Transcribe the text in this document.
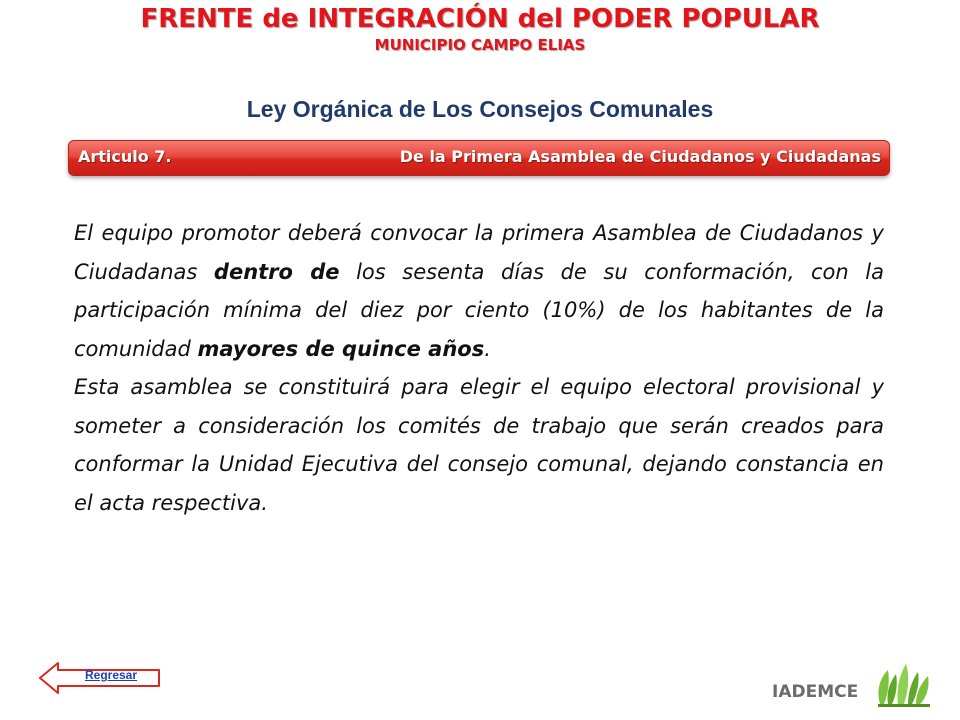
FRENTE de INTEGRACIÓN del PODER POPULAR
MUNICIPIO CAMPO ELIAS
Ley Orgánica de Los Consejos Comunales
Articulo 7.	De la Primera Asamblea de Ciudadanos y Ciudadanas

El equipo promotor deberá convocar la primera Asamblea de Ciudadanos y Ciudadanas dentro de los sesenta días de su conformación, con la participación mínima del diez por ciento (10%) de los habitantes de la comunidad mayores de quince años.

Esta asamblea se constituirá para elegir el equipo electoral provisional y someter a consideración los comités de trabajo que serán creados para conformar la Unidad Ejecutiva del consejo comunal, dejando constancia en el acta respectiva.

Regresar
IADEMCE
